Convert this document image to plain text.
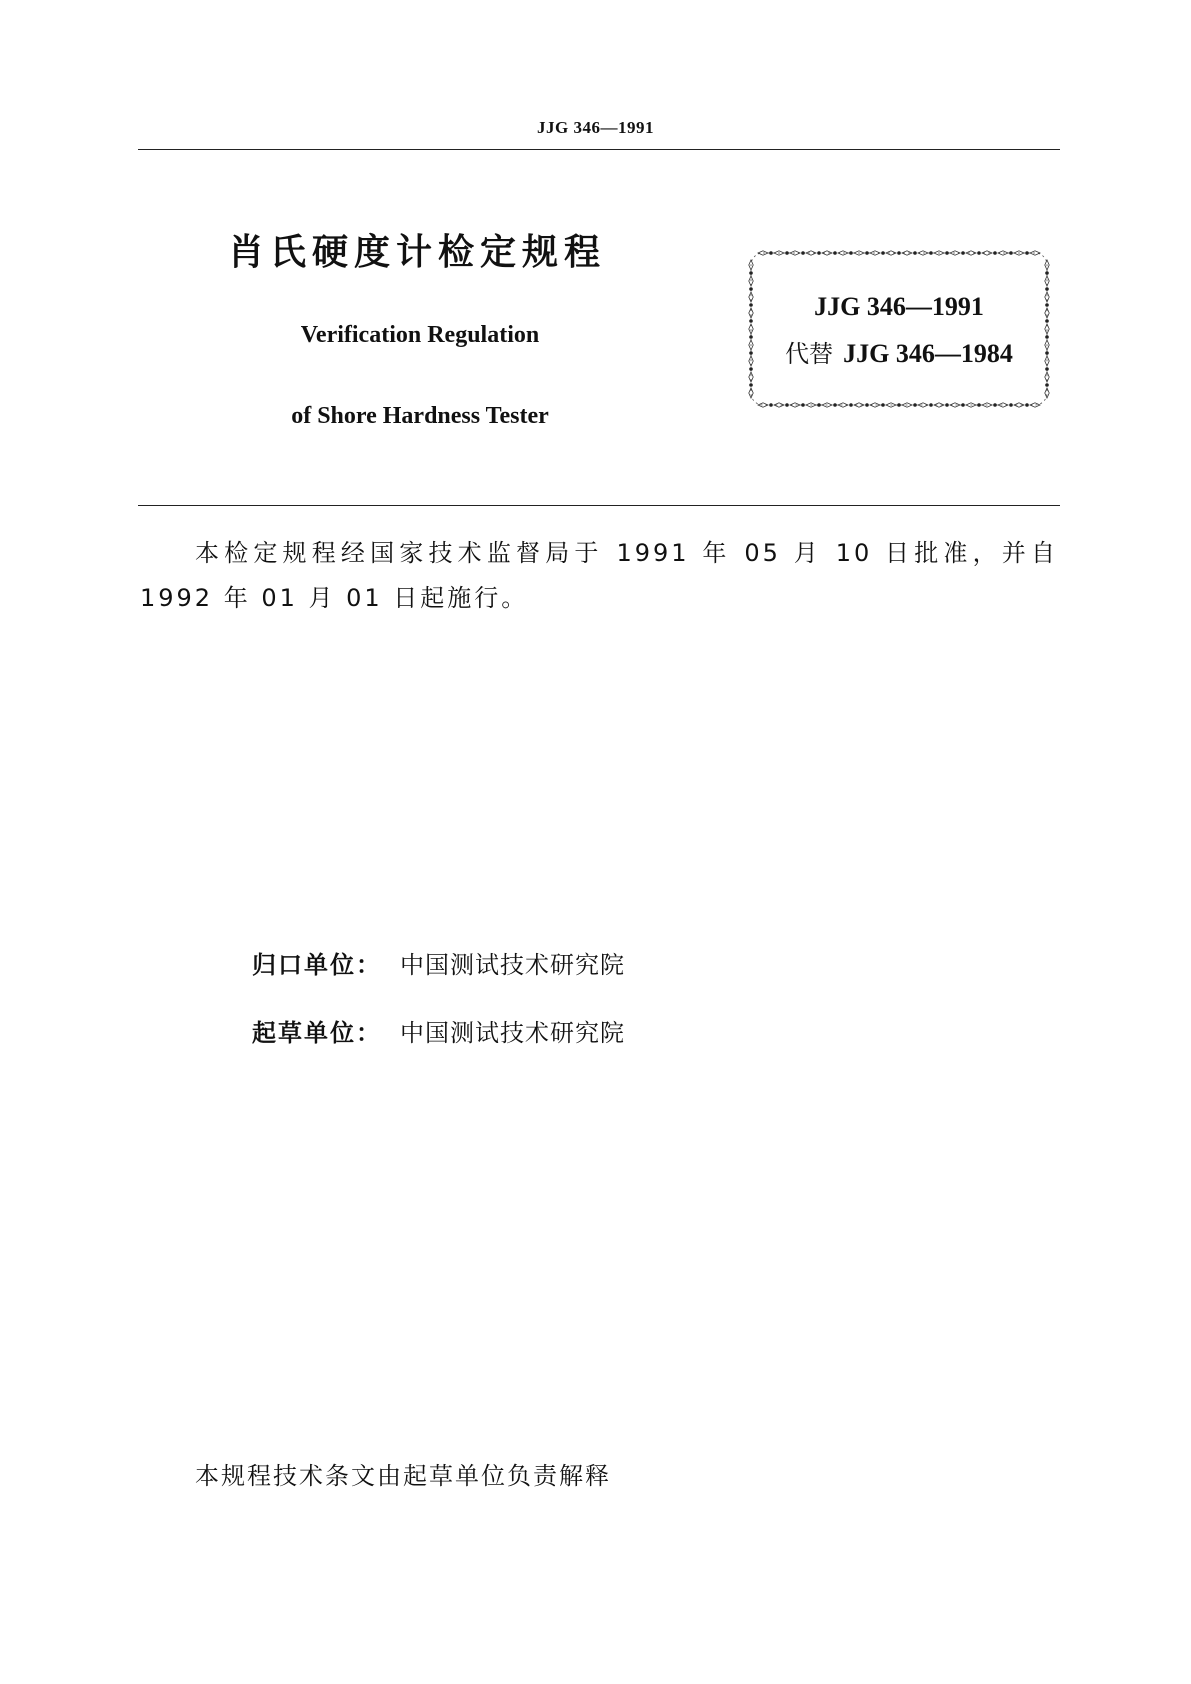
JJG 346—1991
肖氏硬度计检定规程
Verification Regulation
of Shore Hardness Tester
JJG 346—1991
代替 JJG 346—1984
本检定规程经国家技术监督局于 1991 年 05 月 10 日批准，并自 1992 年 01 月 01 日起施行。
归口单位： 中国测试技术研究院
起草单位： 中国测试技术研究院
本规程技术条文由起草单位负责解释
